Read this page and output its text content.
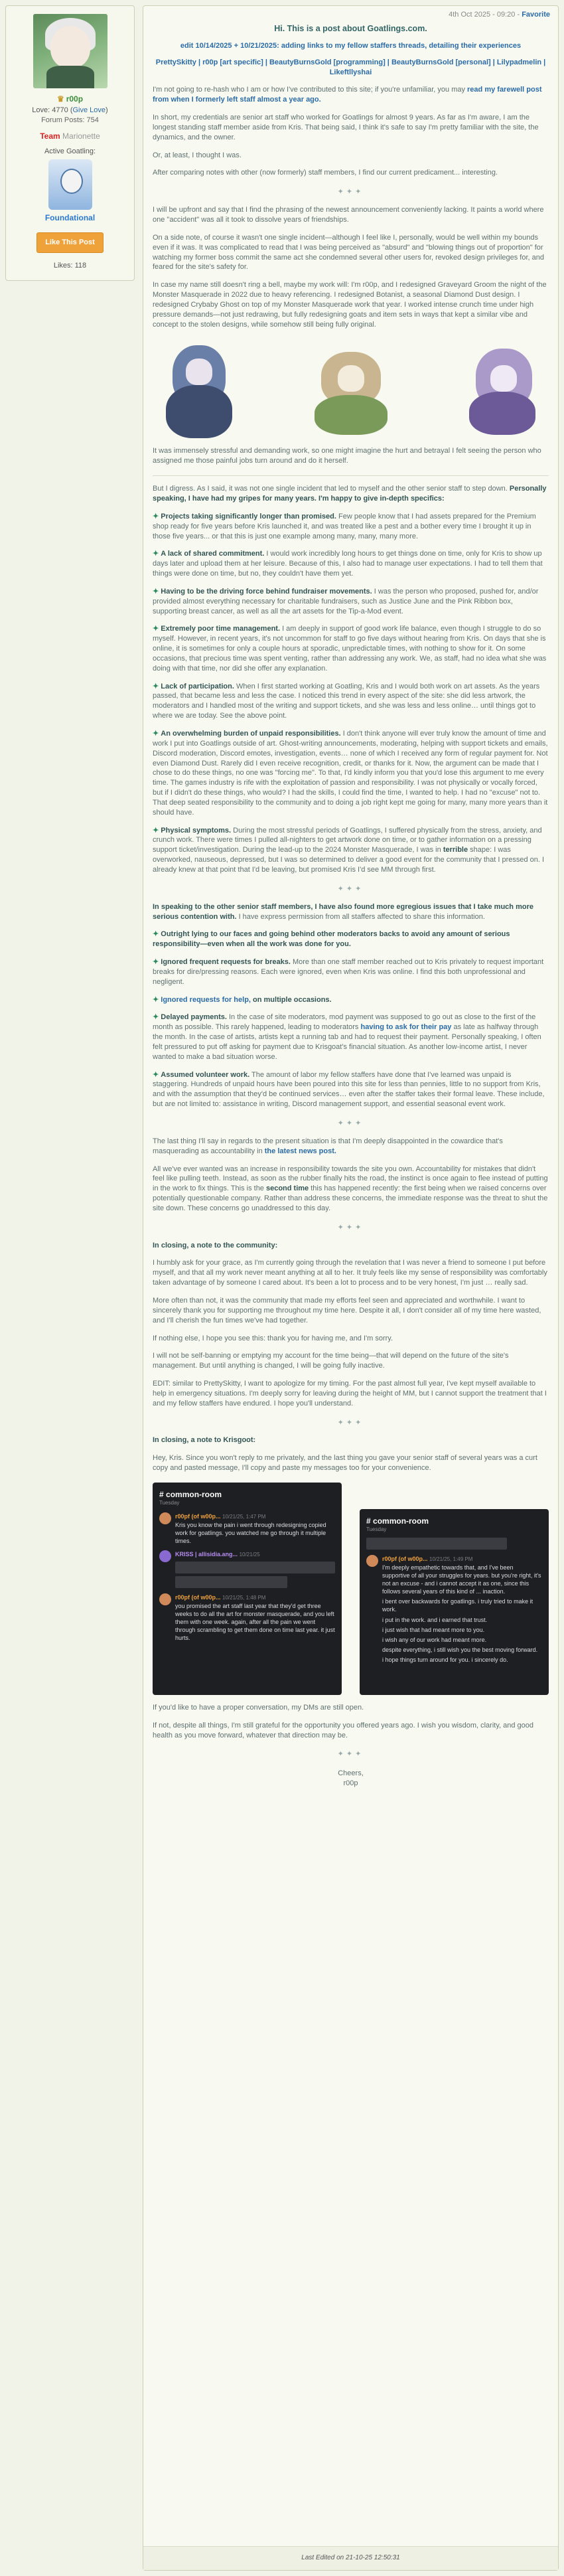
♛ r00p
Love: 4770 (Give Love)
Forum Posts: 754
Team Marionette
Active Goatling:
Foundational
Like This Post
Likes: 118
4th Oct 2025 - 09:20 - Favorite
Hi. This is a post about Goatlings.com.
edit 10/14/2025 + 10/21/2025: adding links to my fellow staffers threads, detailing their experiences
PrettySkitty | r00p [art specific] | BeautyBurnsGold [programming] | BeautyBurnsGold [personal] | Lilypadmelin | Likeftllyshai

I'm not going to re-hash who I am or how I've contributed to this site; if you're unfamiliar, you may read my farewell post from when I formerly left staff almost a year ago.

In short, my credentials are senior art staff who worked for Goatlings for almost 9 years. As far as I'm aware, I am the longest standing staff member aside from Kris. That being said, I think it's safe to say I'm pretty familiar with the site, the dynamics, and the owner.

Or, at least, I thought I was.

After comparing notes with other (now formerly) staff members, I find our current predicament... interesting.

✦✦✦

I will be upfront and say that I find the phrasing of the newest announcement conveniently lacking. It paints a world where one "accident" was all it took to dissolve years of friendships.

On a side note, of course it wasn't one single incident—although I feel like I, personally, would be well within my bounds even if it was. It was complicated to read that I was being perceived as "absurd" and "blowing things out of proportion" for watching my former boss commit the same act she condemned several other users for, revoked design privileges for, and feared for the site's safety for.

In case my name still doesn't ring a bell, maybe my work will: I'm r00p, and I redesigned Graveyard Groom the night of the Monster Masquerade in 2022 due to heavy referencing. I redesigned Botanist, a seasonal Diamond Dust design. I redesigned Crybaby Ghost on top of my Monster Masquerade work that year. I worked intense crunch time under high pressure demands—not just redrawing, but fully redesigning goats and item sets in ways that kept a similar vibe and concept to the stolen designs, while somehow still being fully original.

It was immensely stressful and demanding work, so one might imagine the hurt and betrayal I felt seeing the person who assigned me those painful jobs turn around and do it herself.

But I digress. As I said, it was not one single incident that led to myself and the other senior staff to step down. Personally speaking, I have had my gripes for many years. I'm happy to give in-depth specifics:

✦ Projects taking significantly longer than promised. Few people know that I had assets prepared for the Premium shop ready for five years before Kris launched it, and was treated like a pest and a bother every time I brought it up in those five years... or that this is just one example among many, many, many more.
✦ A lack of shared commitment. I would work incredibly long hours to get things done on time, only for Kris to show up days later and upload them at her leisure. Because of this, I also had to manage user expectations. I had to tell them that things were done on time, but no, they couldn't have them yet.
✦ Having to be the driving force behind fundraiser movements. I was the person who proposed, pushed for, and/or provided almost everything necessary for charitable fundraisers, such as Justice June and the Pink Ribbon box, supporting breast cancer, as well as all the art assets for the Tip-a-Mod event.
✦ Extremely poor time management. I am deeply in support of good work life balance, even though I struggle to do so myself. However, in recent years, it's not uncommon for staff to go five days without hearing from Kris. On days that she is online, it is sometimes for only a couple hours at sporadic, unpredictable times, with nothing to show for it. On some occasions, that precious time was spent venting, rather than addressing any work. We, as staff, had no idea what she was doing with that time, nor did she offer any explanation.
✦ Lack of participation. When I first started working at Goatling, Kris and I would both work on art assets. As the years passed, that became less and less the case. I noticed this trend in every aspect of the site: she did less artwork, the moderators and I handled most of the writing and support tickets, and she was less and less online… until things got to where we are today. See the above point.
✦ An overwhelming burden of unpaid responsibilities. I don't think anyone will ever truly know the amount of time and work I put into Goatlings outside of art. Ghost-writing announcements, moderating, helping with support tickets and emails, Discord moderation, Discord emotes, investigation, events… none of which I received any form of regular payment for. Not even Diamond Dust. Rarely did I even receive recognition, credit, or thanks for it. Now, the argument can be made that I chose to do these things, no one was "forcing me". To that, I'd kindly inform you that you'd lose this argument to me every time. The games industry is rife with the exploitation of passion and responsibility. I was not physically or vocally forced, but if I didn't do these things, who would? I had the skills, I could find the time, I wanted to help. I had no "excuse" not to. That deep seated responsibility to the community and to doing a job right kept me going for many, many more years than it should have.
✦ Physical symptoms. During the most stressful periods of Goatlings, I suffered physically from the stress, anxiety, and crunch work. There were times I pulled all-nighters to get artwork done on time, or to gather information on a pressing support ticket/investigation. During the lead-up to the 2024 Monster Masquerade, I was in terrible shape: I was overworked, nauseous, depressed, but I was so determined to deliver a good event for the community that I pressed on. I already knew at that point that I'd be leaving, but promised Kris I'd see MM through first.
✦✦✦

In speaking to the other senior staff members, I have also found more egregious issues that I take much more serious contention with. I have express permission from all staffers affected to share this information.

✦ Outright lying to our faces and going behind other moderators backs to avoid any amount of serious responsibility—even when all the work was done for you.
✦ Ignored frequent requests for breaks. More than one staff member reached out to Kris privately to request important breaks for dire/pressing reasons. Each were ignored, even when Kris was online. I find this both unprofessional and negligent.
✦ Ignored requests for help, on multiple occasions.
✦ Delayed payments. In the case of site moderators, mod payment was supposed to go out as close to the first of the month as possible. This rarely happened, leading to moderators having to ask for their pay as late as halfway through the month. In the case of artists, artists kept a running tab and had to request their payment. Personally speaking, I often felt pressured to put off asking for payment due to Krisgoat's financial situation. As another low-income artist, I never wanted to make a bad situation worse.
✦ Assumed volunteer work. The amount of labor my fellow staffers have done that I've learned was unpaid is staggering. Hundreds of unpaid hours have been poured into this site for less than pennies, little to no support from Kris, and with the assumption that they'd be continued services… even after the staffer takes their formal leave. These include, but are not limited to: assistance in writing, Discord management support, and essential seasonal event work.
✦✦✦

The last thing I'll say in regards to the present situation is that I'm deeply disappointed in the cowardice that's masquerading as accountability in the latest news post.

All we've ever wanted was an increase in responsibility towards the site you own. Accountability for mistakes that didn't feel like pulling teeth. Instead, as soon as the rubber finally hits the road, the instinct is once again to flee instead of putting in the work to fix things. This is the second time this has happened recently: the first being when we raised concerns over potentially questionable company. Rather than address these concerns, the immediate response was the threat to shut the site down. These concerns go unaddressed to this day.

✦✦✦

In closing, a note to the community:

I humbly ask for your grace, as I'm currently going through the revelation that I was never a friend to someone I put before myself, and that all my work never meant anything at all to her. It truly feels like my sense of responsibility was comfortably taken advantage of by someone I cared about. It's been a lot to process and to be very honest, I'm just … really sad.

More often than not, it was the community that made my efforts feel seen and appreciated and worthwhile. I want to sincerely thank you for supporting me throughout my time here. Despite it all, I don't consider all of my time here wasted, and I'll cherish the fun times we've had together.

If nothing else, I hope you see this: thank you for having me, and I'm sorry.

I will not be self-banning or emptying my account for the time being—that will depend on the future of the site's management. But until anything is changed, I will be going fully inactive.

EDIT: similar to PrettySkitty, I want to apologize for my timing. For the past almost full year, I've kept myself available to help in emergency situations. I'm deeply sorry for leaving during the height of MM, but I cannot support the treatment that I and my fellow staffers have endured. I hope you'll understand.

✦✦✦

In closing, a note to Krisgoot:

Hey, Kris. Since you won't reply to me privately, and the last thing you gave your senior staff of several years was a curt copy and pasted message, I'll copy and paste my messages too for your convenience.

# common-room
Tuesday
r00pf (of w00p... 10/21/25, 1:47 PM
Kris you know the pain i went through redesigning copied work for goatlings. you watched me go through it multiple times.
KRISS | allisidia.ang... 10/21/25
r00pf (of w00p... 10/21/25, 1:48 PM
you promised the art staff last year that they'd get three weeks to do all the art for monster masquerade, and you left them with one week. again, after all the pain we went through scrambling to get them done on time last year. it just hurts.
# common-room
Tuesday
r00pf (of w00p... 10/21/25, 1:49 PM
I'm deeply empathetic towards that, and I've been supportive of all your struggles for years. but you're right, it's not an excuse - and i cannot accept it as one, since this follows several years of this kind of ... inaction.
i bent over backwards for goatlings. i truly tried to make it work.
i put in the work. and i earned that trust.
i just wish that had meant more to you.
i wish any of our work had meant more.
despite everything, i still wish you the best moving forward.
i hope things turn around for you. i sincerely do.

If you'd like to have a proper conversation, my DMs are still open.

If not, despite all things, I'm still grateful for the opportunity you offered years ago. I wish you wisdom, clarity, and good health as you move forward, whatever that direction may be.

✦✦✦
Cheers,
r00p
Last Edited on 21-10-25 12:50:31
